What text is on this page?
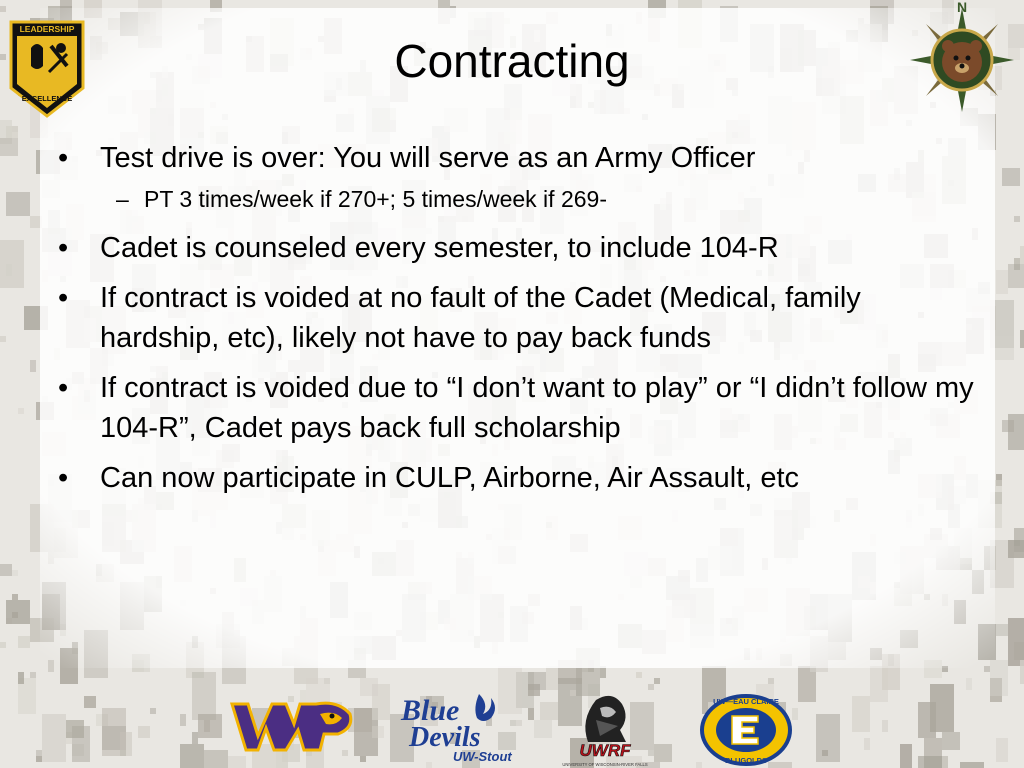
LEADERSHIP
EXCELLENCE
N
Contracting
•	Test drive is over: You will serve as an Army Officer
– PT 3 times/week if 270+; 5 times/week if 269-
•	Cadet is counseled every semester, to include 104-R
•	If contract is voided at no fault of the Cadet (Medical, family hardship, etc), likely not have to pay back funds
•	If contract is voided due to “I don’t want to play” or “I didn’t follow my 104-R”, Cadet pays back full scholarship
•	Can now participate in CULP, Airborne, Air Assault, etc
Blue
Devils
UW-Stout	UWRF
UNIVERSITY OF WISCONSIN-RIVER FALLS
E
UW—EAU CLAIRE
BLUGOLDS
